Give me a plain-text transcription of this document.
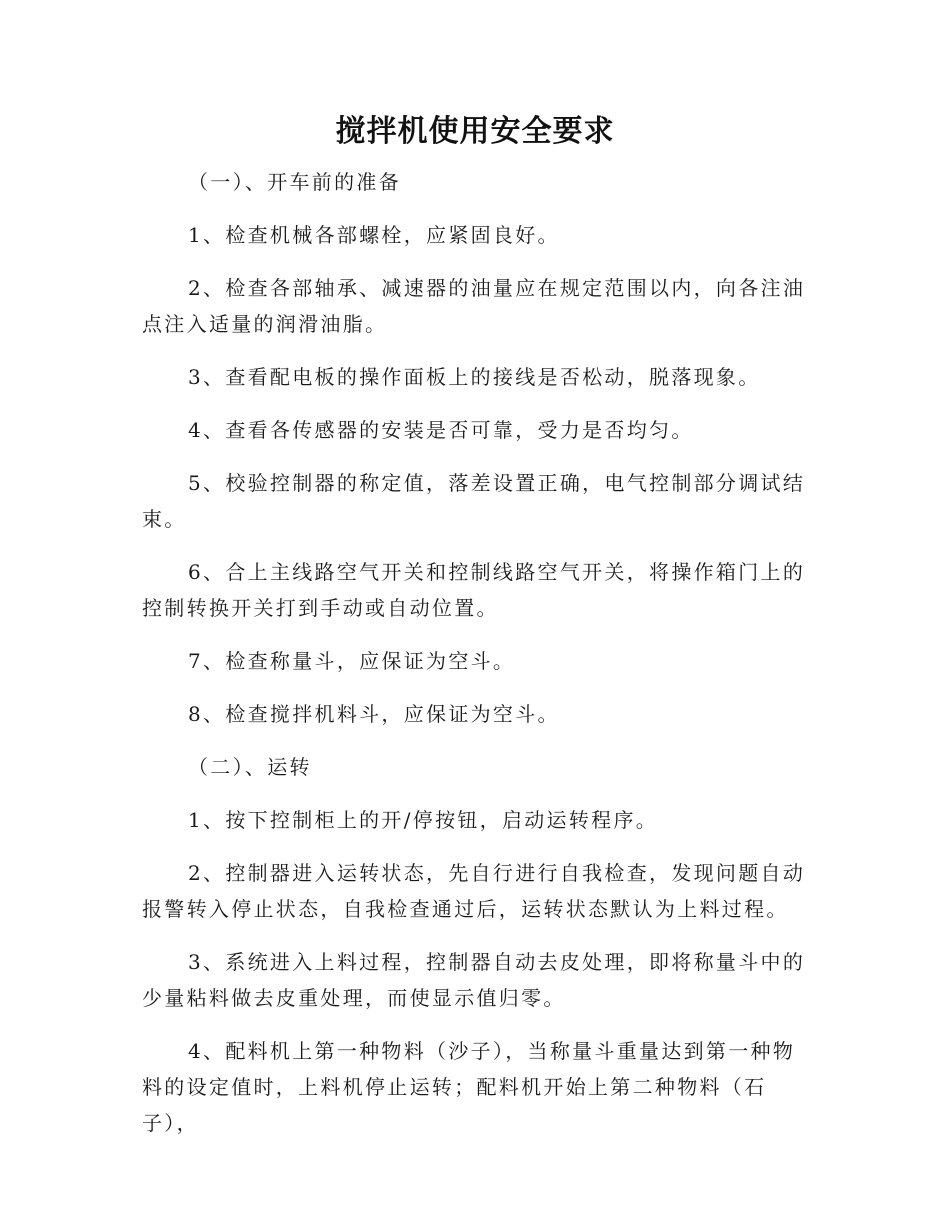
搅拌机使用安全要求

（一）、开车前的准备

1、检查机械各部螺栓，应紧固良好。

2、检查各部轴承、减速器的油量应在规定范围以内，向各注油点注入适量的润滑油脂。

3、查看配电板的操作面板上的接线是否松动，脱落现象。

4、查看各传感器的安装是否可靠，受力是否均匀。

5、校验控制器的称定值，落差设置正确，电气控制部分调试结束。

6、合上主线路空气开关和控制线路空气开关，将操作箱门上的控制转换开关打到手动或自动位置。

7、检查称量斗，应保证为空斗。

8、检查搅拌机料斗，应保证为空斗。

（二）、运转

1、按下控制柜上的开/停按钮，启动运转程序。

2、控制器进入运转状态，先自行进行自我检查，发现问题自动报警转入停止状态，自我检查通过后，运转状态默认为上料过程。

3、系统进入上料过程，控制器自动去皮处理，即将称量斗中的少量粘料做去皮重处理，而使显示值归零。

4、配料机上第一种物料（沙子），当称量斗重量达到第一种物料的设定值时，上料机停止运转；配料机开始上第二种物料（石子），
